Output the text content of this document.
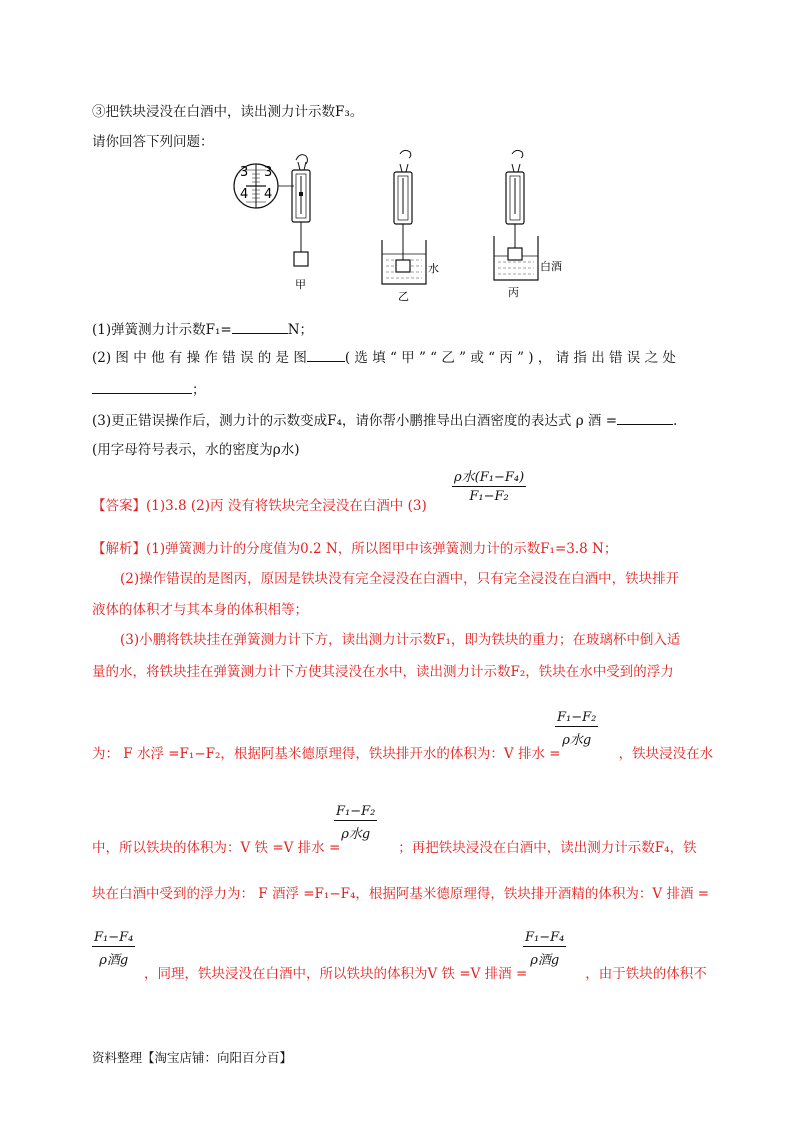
③把铁块浸没在白酒中，读出测力计示数F₃。
请你回答下列问题：
3
4
3
4
甲
水
乙
白酒
丙
(1)弹簧测力计示数F₁=	N；
(2) 图 中 他 有 操 作 错 误 的 是 图	( 选 填 “ 甲 ” “ 乙 ” 或 “ 丙 ” ) ， 请 指 出 错 误 之 处
；
(3)更正错误操作后，测力计的示数变成F₄，请你帮小鹏推导出白酒密度的表达式 ρ 酒 =	.
(用字母符号表示，水的密度为ρ水)
【答案】(1)3.8 (2)丙 没有将铁块完全浸没在白酒中 (3)
ρ水(F₁−F₄)
F₁−F₂
【解析】(1)弹簧测力计的分度值为0.2 N，所以图甲中该弹簧测力计的示数F₁=3.8 N；
(2)操作错误的是图丙，原因是铁块没有完全浸没在白酒中，只有完全浸没在白酒中，铁块排开
液体的体积才与其本身的体积相等；
(3)小鹏将铁块挂在弹簧测力计下方，读出测力计示数F₁，即为铁块的重力；在玻璃杯中倒入适
量的水，将铁块挂在弹簧测力计下方使其浸没在水中，读出测力计示数F₂，铁块在水中受到的浮力
为： F 水浮 =F₁−F₂，根据阿基米德原理得，铁块排开水的体积为：V 排水 =	，铁块浸没在水
F₁−F₂
ρ水g
中，所以铁块的体积为：V 铁 =V 排水 =	；再把铁块浸没在白酒中，读出测力计示数F₄，铁
F₁−F₂
ρ水g
块在白酒中受到的浮力为： F 酒浮 =F₁−F₄，根据阿基米德原理得，铁块排开酒精的体积为：V 排酒 =
，同理，铁块浸没在白酒中，所以铁块的体积为V 铁 =V 排酒 =	，由于铁块的体积不
F₁−F₄
ρ酒g
F₁−F₄
ρ酒g
资料整理【淘宝店铺：向阳百分百】
